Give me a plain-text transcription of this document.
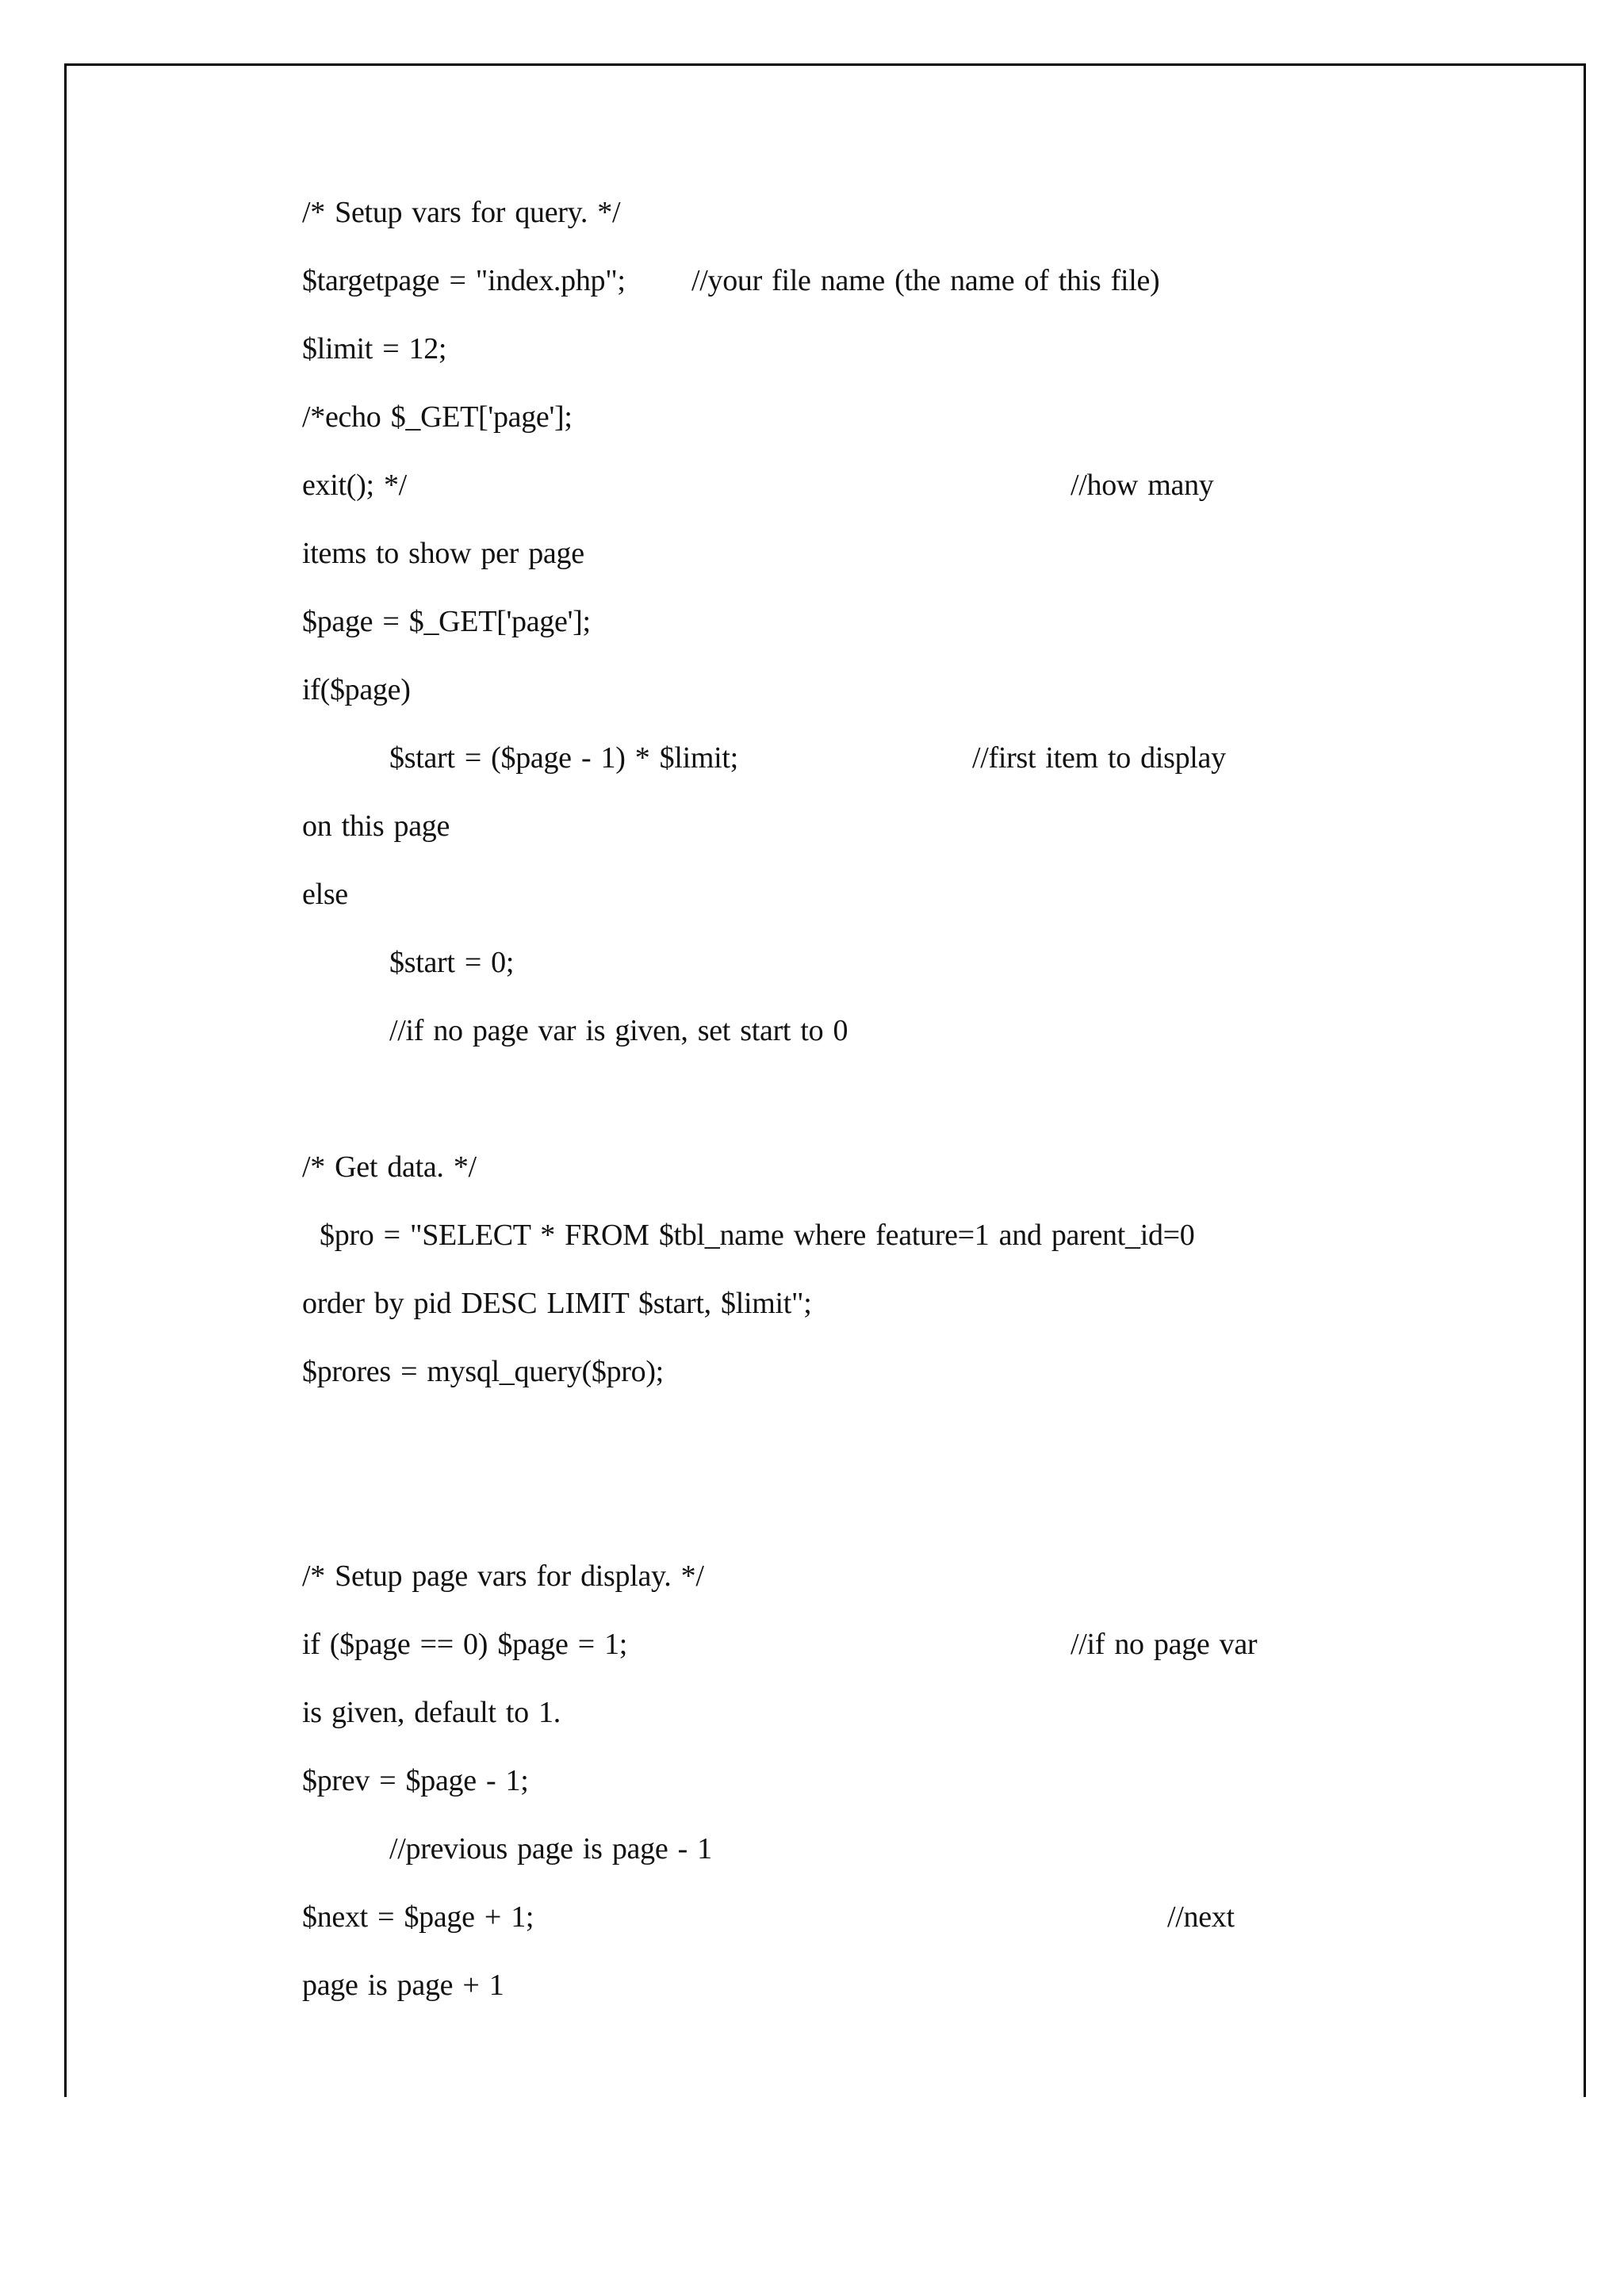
/* Setup vars for query. */
$targetpage = "index.php"; //your file name (the name of this file)
$limit = 12;
/*echo $_GET['page'];
exit(); */	//how many
items to show per page
$page = $_GET['page'];
if($page)
$start = ($page - 1) * $limit;	//first item to display
on this page
else
$start = 0;
//if no page var is given, set start to 0
/* Get data. */
$pro = "SELECT * FROM $tbl_name where feature=1 and parent_id=0
order by pid DESC LIMIT $start, $limit";
$prores = mysql_query($pro);
/* Setup page vars for display. */
if ($page == 0) $page = 1;	//if no page var
is given, default to 1.
$prev = $page - 1;
//previous page is page - 1
$next = $page + 1;	//next
page is page + 1
